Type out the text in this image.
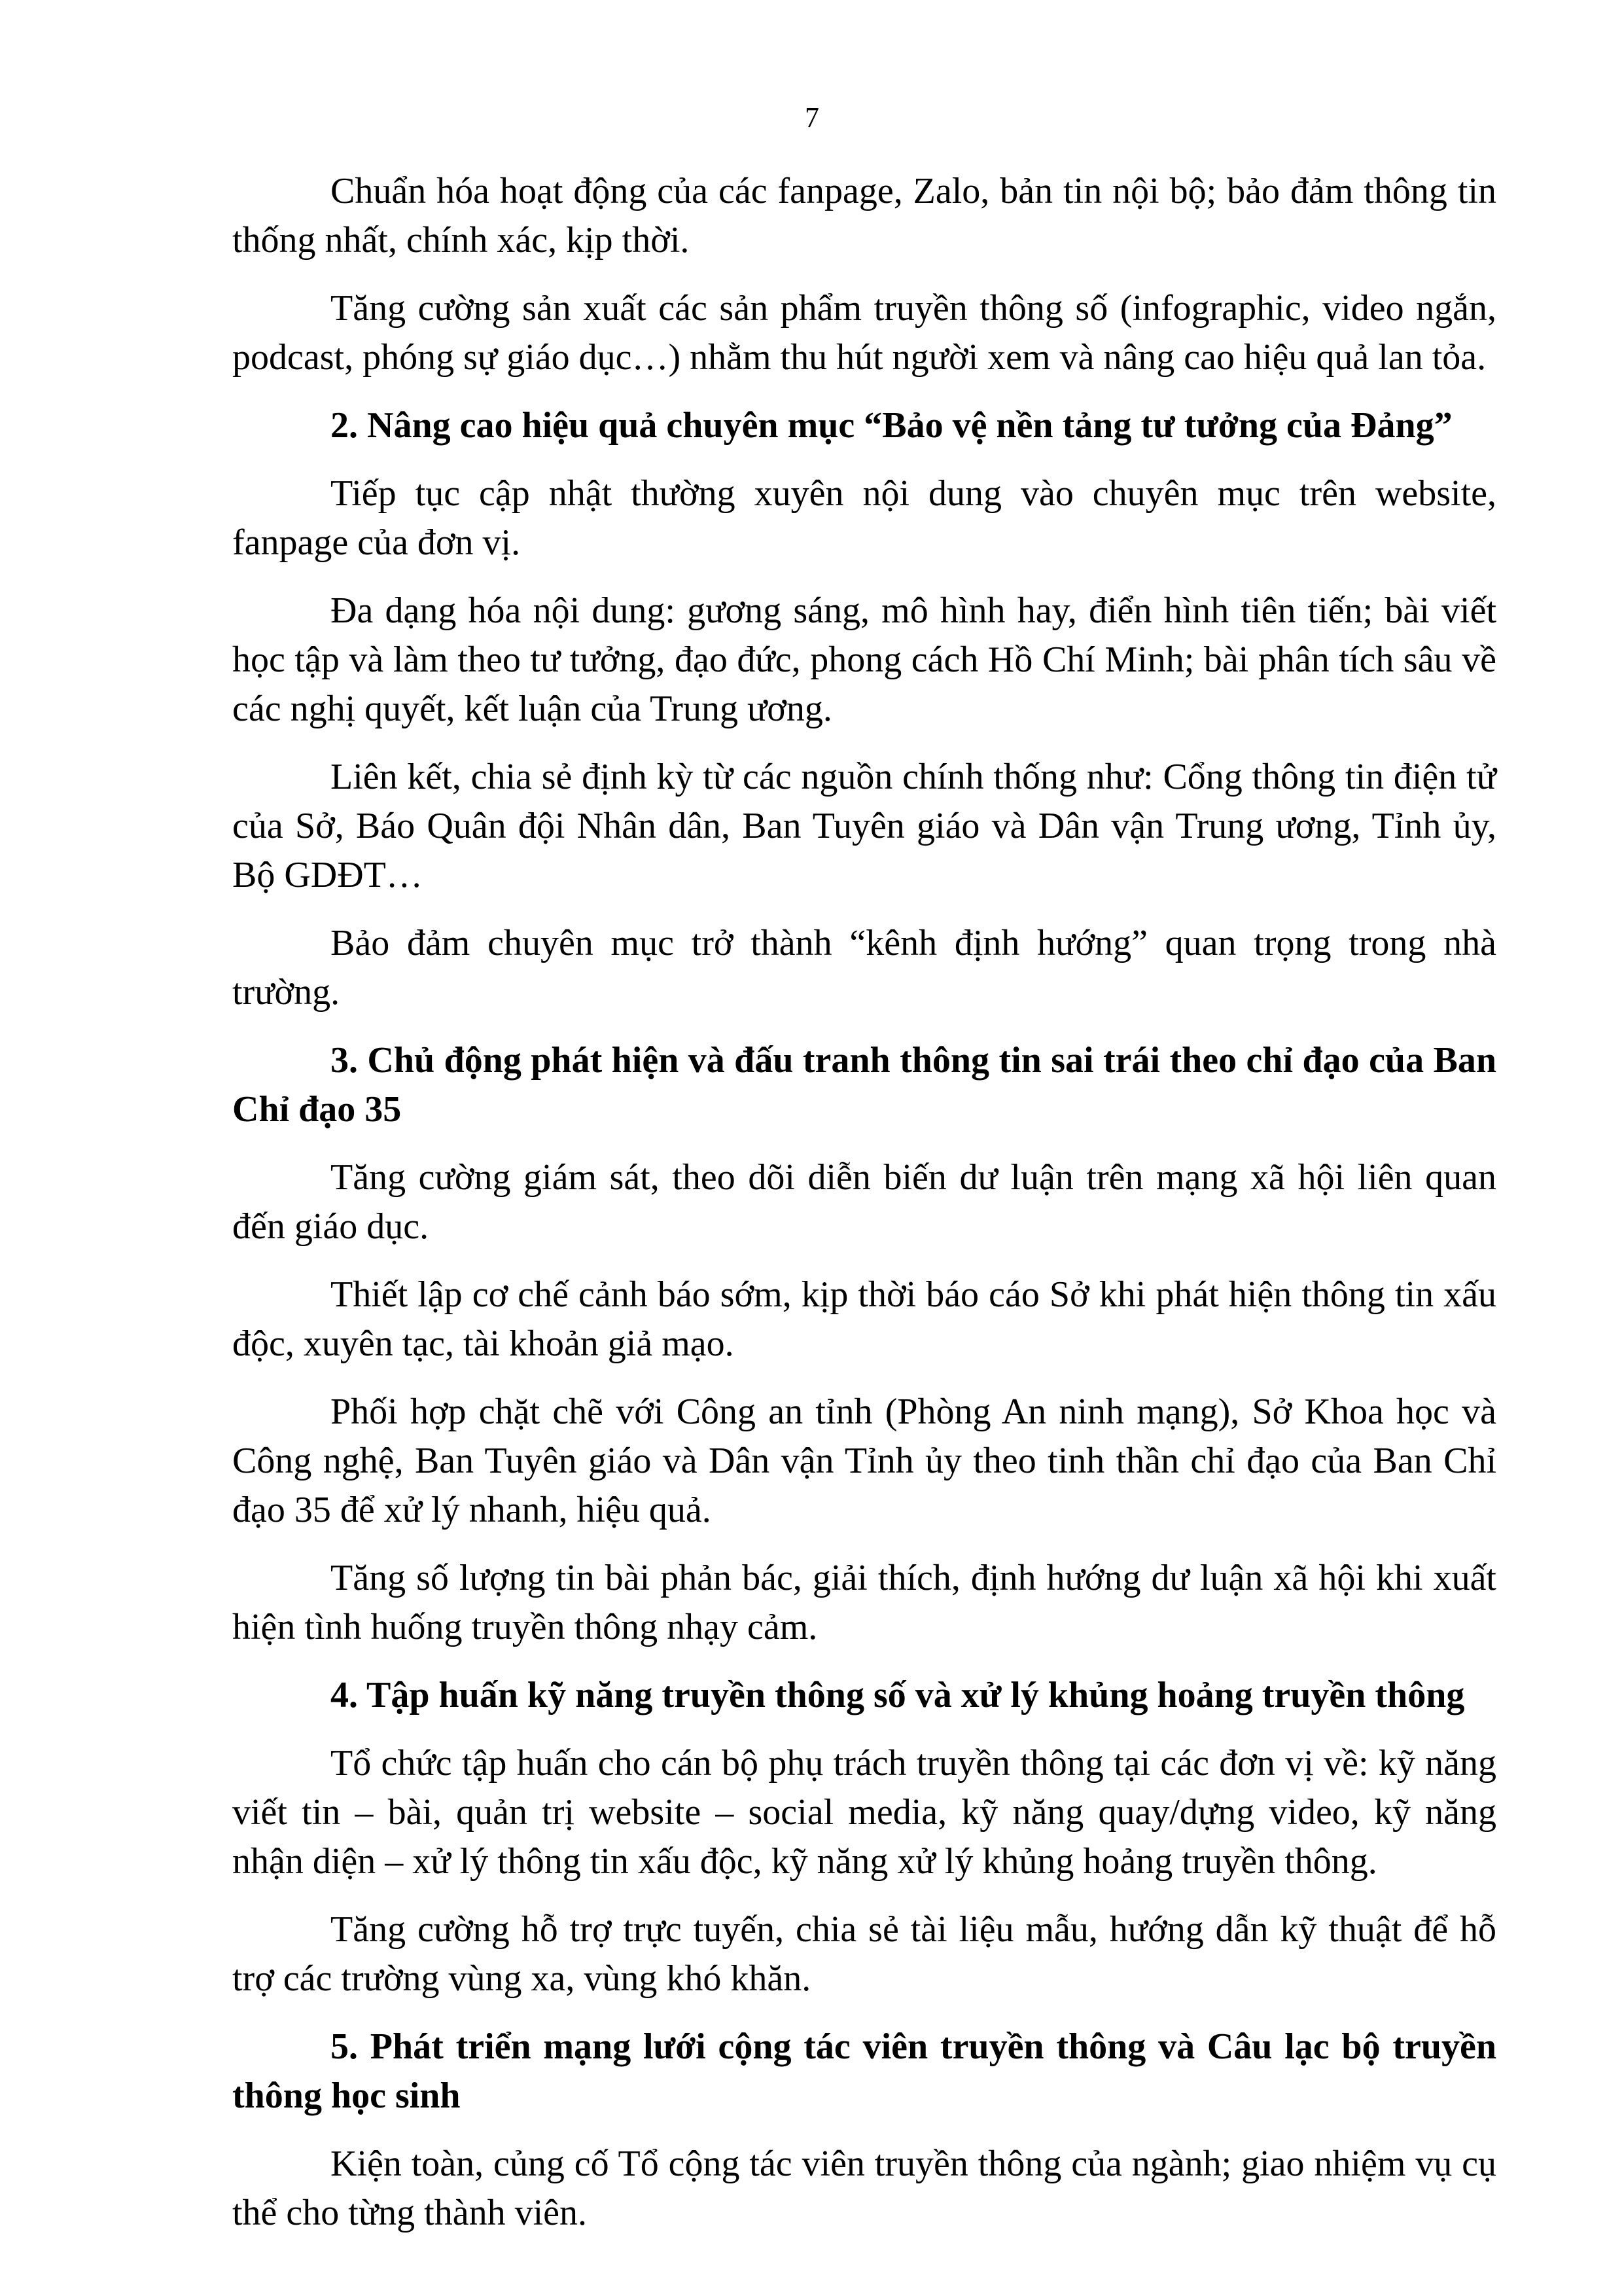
7

Chuẩn hóa hoạt động của các fanpage, Zalo, bản tin nội bộ; bảo đảm thông tin thống nhất, chính xác, kịp thời.

Tăng cường sản xuất các sản phẩm truyền thông số (infographic, video ngắn, podcast, phóng sự giáo dục…) nhằm thu hút người xem và nâng cao hiệu quả lan tỏa.

2. Nâng cao hiệu quả chuyên mục “Bảo vệ nền tảng tư tưởng của Đảng”

Tiếp tục cập nhật thường xuyên nội dung vào chuyên mục trên website, fanpage của đơn vị.

Đa dạng hóa nội dung: gương sáng, mô hình hay, điển hình tiên tiến; bài viết học tập và làm theo tư tưởng, đạo đức, phong cách Hồ Chí Minh; bài phân tích sâu về các nghị quyết, kết luận của Trung ương.

Liên kết, chia sẻ định kỳ từ các nguồn chính thống như: Cổng thông tin điện tử của Sở, Báo Quân đội Nhân dân, Ban Tuyên giáo và Dân vận Trung ương, Tỉnh ủy, Bộ GDĐT…

Bảo đảm chuyên mục trở thành “kênh định hướng” quan trọng trong nhà trường.

3. Chủ động phát hiện và đấu tranh thông tin sai trái theo chỉ đạo của Ban Chỉ đạo 35

Tăng cường giám sát, theo dõi diễn biến dư luận trên mạng xã hội liên quan đến giáo dục.

Thiết lập cơ chế cảnh báo sớm, kịp thời báo cáo Sở khi phát hiện thông tin xấu độc, xuyên tạc, tài khoản giả mạo.

Phối hợp chặt chẽ với Công an tỉnh (Phòng An ninh mạng), Sở Khoa học và Công nghệ, Ban Tuyên giáo và Dân vận Tỉnh ủy theo tinh thần chỉ đạo của Ban Chỉ đạo 35 để xử lý nhanh, hiệu quả.

Tăng số lượng tin bài phản bác, giải thích, định hướng dư luận xã hội khi xuất hiện tình huống truyền thông nhạy cảm.

4. Tập huấn kỹ năng truyền thông số và xử lý khủng hoảng truyền thông

Tổ chức tập huấn cho cán bộ phụ trách truyền thông tại các đơn vị về: kỹ năng viết tin – bài, quản trị website – social media, kỹ năng quay/dựng video, kỹ năng nhận diện – xử lý thông tin xấu độc, kỹ năng xử lý khủng hoảng truyền thông.

Tăng cường hỗ trợ trực tuyến, chia sẻ tài liệu mẫu, hướng dẫn kỹ thuật để hỗ trợ các trường vùng xa, vùng khó khăn.

5. Phát triển mạng lưới cộng tác viên truyền thông và Câu lạc bộ truyền thông học sinh

Kiện toàn, củng cố Tổ cộng tác viên truyền thông của ngành; giao nhiệm vụ cụ thể cho từng thành viên.
